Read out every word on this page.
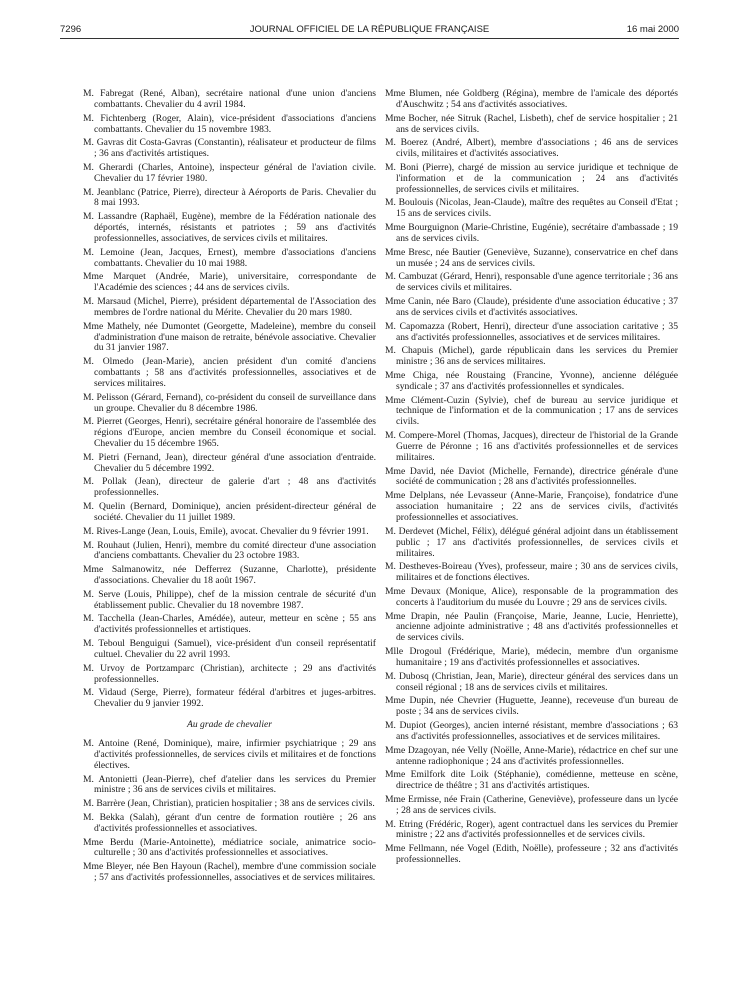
7296	JOURNAL OFFICIEL DE LA RÉPUBLIQUE FRANÇAISE	16 mai 2000

M. Fabregat (René, Alban), secrétaire national d'une union d'anciens combattants. Chevalier du 4 avril 1984.

M. Fichtenberg (Roger, Alain), vice-président d'associations d'anciens combattants. Chevalier du 15 novembre 1983.

M. Gavras dit Costa-Gavras (Constantin), réalisateur et producteur de films ; 36 ans d'activités artistiques.

M. Gherardi (Charles, Antoine), inspecteur général de l'aviation civile. Chevalier du 17 février 1980.

M. Jeanblanc (Patrice, Pierre), directeur à Aéroports de Paris. Chevalier du 8 mai 1993.

M. Lassandre (Raphaël, Eugène), membre de la Fédération nationale des déportés, internés, résistants et patriotes ; 59 ans d'activités professionnelles, associatives, de services civils et militaires.

M. Lemoine (Jean, Jacques, Ernest), membre d'associations d'anciens combattants. Chevalier du 10 mai 1988.

Mme Marquet (Andrée, Marie), universitaire, correspondante de l'Académie des sciences ; 44 ans de services civils.

M. Marsaud (Michel, Pierre), président départemental de l'Association des membres de l'ordre national du Mérite. Chevalier du 20 mars 1980.

Mme Mathely, née Dumontet (Georgette, Madeleine), membre du conseil d'administration d'une maison de retraite, bénévole associative. Chevalier du 31 janvier 1987.

M. Olmedo (Jean-Marie), ancien président d'un comité d'anciens combattants ; 58 ans d'activités professionnelles, associatives et de services militaires.

M. Pelisson (Gérard, Fernand), co-président du conseil de surveillance dans un groupe. Chevalier du 8 décembre 1986.

M. Pierret (Georges, Henri), secrétaire général honoraire de l'assemblée des régions d'Europe, ancien membre du Conseil économique et social. Chevalier du 15 décembre 1965.

M. Pietri (Fernand, Jean), directeur général d'une association d'entraide. Chevalier du 5 décembre 1992.

M. Pollak (Jean), directeur de galerie d'art ; 48 ans d'activités professionnelles.

M. Quelin (Bernard, Dominique), ancien président-directeur général de société. Chevalier du 11 juillet 1989.

M. Rives-Lange (Jean, Louis, Emile), avocat. Chevalier du 9 février 1991.

M. Rouhaut (Julien, Henri), membre du comité directeur d'une association d'anciens combattants. Chevalier du 23 octobre 1983.

Mme Salmanowitz, née Defferrez (Suzanne, Charlotte), présidente d'associations. Chevalier du 18 août 1967.

M. Serve (Louis, Philippe), chef de la mission centrale de sécurité d'un établissement public. Chevalier du 18 novembre 1987.

M. Tacchella (Jean-Charles, Amédée), auteur, metteur en scène ; 55 ans d'activités professionnelles et artistiques.

M. Teboul Benguigui (Samuel), vice-président d'un conseil représentatif cultuel. Chevalier du 22 avril 1993.

M. Urvoy de Portzamparc (Christian), architecte ; 29 ans d'activités professionnelles.

M. Vidaud (Serge, Pierre), formateur fédéral d'arbitres et juges-arbitres. Chevalier du 9 janvier 1992.

Au grade de chevalier

M. Antoine (René, Dominique), maire, infirmier psychiatrique ; 29 ans d'activités professionnelles, de services civils et militaires et de fonctions électives.

M. Antonietti (Jean-Pierre), chef d'atelier dans les services du Premier ministre ; 36 ans de services civils et militaires.

M. Barrère (Jean, Christian), praticien hospitalier ; 38 ans de services civils.

M. Bekka (Salah), gérant d'un centre de formation routière ; 26 ans d'activités professionnelles et associatives.

Mme Berdu (Marie-Antoinette), médiatrice sociale, animatrice socio-culturelle ; 30 ans d'activités professionnelles et associatives.

Mme Bleyer, née Ben Hayoun (Rachel), membre d'une commission sociale ; 57 ans d'activités professionnelles, associatives et de services militaires.

Mme Blumen, née Goldberg (Régina), membre de l'amicale des déportés d'Auschwitz ; 54 ans d'activités associatives.

Mme Bocher, née Sitruk (Rachel, Lisbeth), chef de service hospitalier ; 21 ans de services civils.

M. Boerez (André, Albert), membre d'associations ; 46 ans de services civils, militaires et d'activités associatives.

M. Boni (Pierre), chargé de mission au service juridique et technique de l'information et de la communication ; 24 ans d'activités professionnelles, de services civils et militaires.

M. Boulouis (Nicolas, Jean-Claude), maître des requêtes au Conseil d'Etat ; 15 ans de services civils.

Mme Bourguignon (Marie-Christine, Eugénie), secrétaire d'ambassade ; 19 ans de services civils.

Mme Bresc, née Bautier (Geneviève, Suzanne), conservatrice en chef dans un musée ; 24 ans de services civils.

M. Cambuzat (Gérard, Henri), responsable d'une agence territoriale ; 36 ans de services civils et militaires.

Mme Canin, née Baro (Claude), présidente d'une association éducative ; 37 ans de services civils et d'activités associatives.

M. Capomazza (Robert, Henri), directeur d'une association caritative ; 35 ans d'activités professionnelles, associatives et de services militaires.

M. Chapuis (Michel), garde républicain dans les services du Premier ministre ; 36 ans de services militaires.

Mme Chiga, née Roustaing (Francine, Yvonne), ancienne déléguée syndicale ; 37 ans d'activités professionnelles et syndicales.

Mme Clément-Cuzin (Sylvie), chef de bureau au service juridique et technique de l'information et de la communication ; 17 ans de services civils.

M. Compere-Morel (Thomas, Jacques), directeur de l'historial de la Grande Guerre de Péronne ; 16 ans d'activités professionnelles et de services militaires.

Mme David, née Daviot (Michelle, Fernande), directrice générale d'une société de communication ; 28 ans d'activités professionnelles.

Mme Delplans, née Levasseur (Anne-Marie, Françoise), fondatrice d'une association humanitaire ; 22 ans de services civils, d'activités professionnelles et associatives.

M. Derdevet (Michel, Félix), délégué général adjoint dans un établissement public ; 17 ans d'activités professionnelles, de services civils et militaires.

M. Destheves-Boireau (Yves), professeur, maire ; 30 ans de services civils, militaires et de fonctions électives.

Mme Devaux (Monique, Alice), responsable de la programmation des concerts à l'auditorium du musée du Louvre ; 29 ans de services civils.

Mme Drapin, née Paulin (Françoise, Marie, Jeanne, Lucie, Henriette), ancienne adjointe administrative ; 48 ans d'activités professionnelles et de services civils.

Mlle Drogoul (Frédérique, Marie), médecin, membre d'un organisme humanitaire ; 19 ans d'activités professionnelles et associatives.

M. Dubosq (Christian, Jean, Marie), directeur général des services dans un conseil régional ; 18 ans de services civils et militaires.

Mme Dupin, née Chevrier (Huguette, Jeanne), receveuse d'un bureau de poste ; 34 ans de services civils.

M. Dupiot (Georges), ancien interné résistant, membre d'associations ; 63 ans d'activités professionnelles, associatives et de services militaires.

Mme Dzagoyan, née Velly (Noëlle, Anne-Marie), rédactrice en chef sur une antenne radiophonique ; 24 ans d'activités professionnelles.

Mme Emilfork dite Loik (Stéphanie), comédienne, metteuse en scène, directrice de théâtre ; 31 ans d'activités artistiques.

Mme Ermisse, née Frain (Catherine, Geneviève), professeure dans un lycée ; 28 ans de services civils.

M. Etring (Frédéric, Roger), agent contractuel dans les services du Premier ministre ; 22 ans d'activités professionnelles et de services civils.

Mme Fellmann, née Vogel (Edith, Noëlle), professeure ; 32 ans d'activités professionnelles.
